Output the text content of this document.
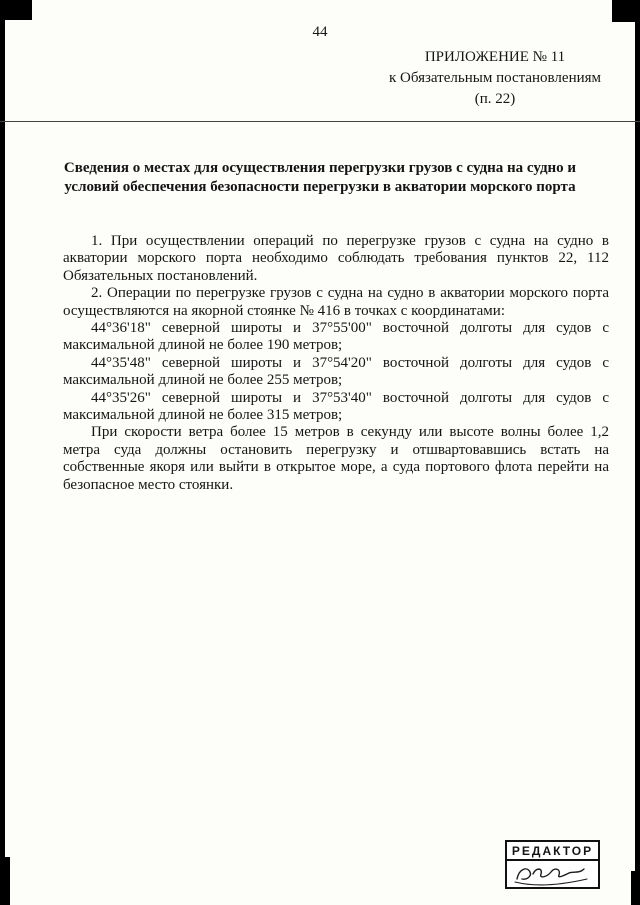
44
ПРИЛОЖЕНИЕ № 11
к Обязательным постановлениям
(п. 22)
Сведения о местах для осуществления перегрузки грузов с судна на судно и условий обеспечения безопасности перегрузки в акватории морского порта

1. При осуществлении операций по перегрузке грузов с судна на судно в акватории морского порта необходимо соблюдать требования пунктов 22, 112 Обязательных постановлений.

2. Операции по перегрузке грузов с судна на судно в акватории морского порта осуществляются на якорной стоянке № 416 в точках с координатами:

44°36'18" северной широты и 37°55'00" восточной долготы для судов с максимальной длиной не более 190 метров;

44°35'48" северной широты и 37°54'20" восточной долготы для судов с максимальной длиной не более 255 метров;

44°35'26" северной широты и 37°53'40" восточной долготы для судов с максимальной длиной не более 315 метров;

При скорости ветра более 15 метров в секунду или высоте волны более 1,2 метра суда должны остановить перегрузку и отшвартовавшись встать на собственные якоря или выйти в открытое море, а суда портового флота перейти на безопасное место стоянки.

РЕДАКТОР
